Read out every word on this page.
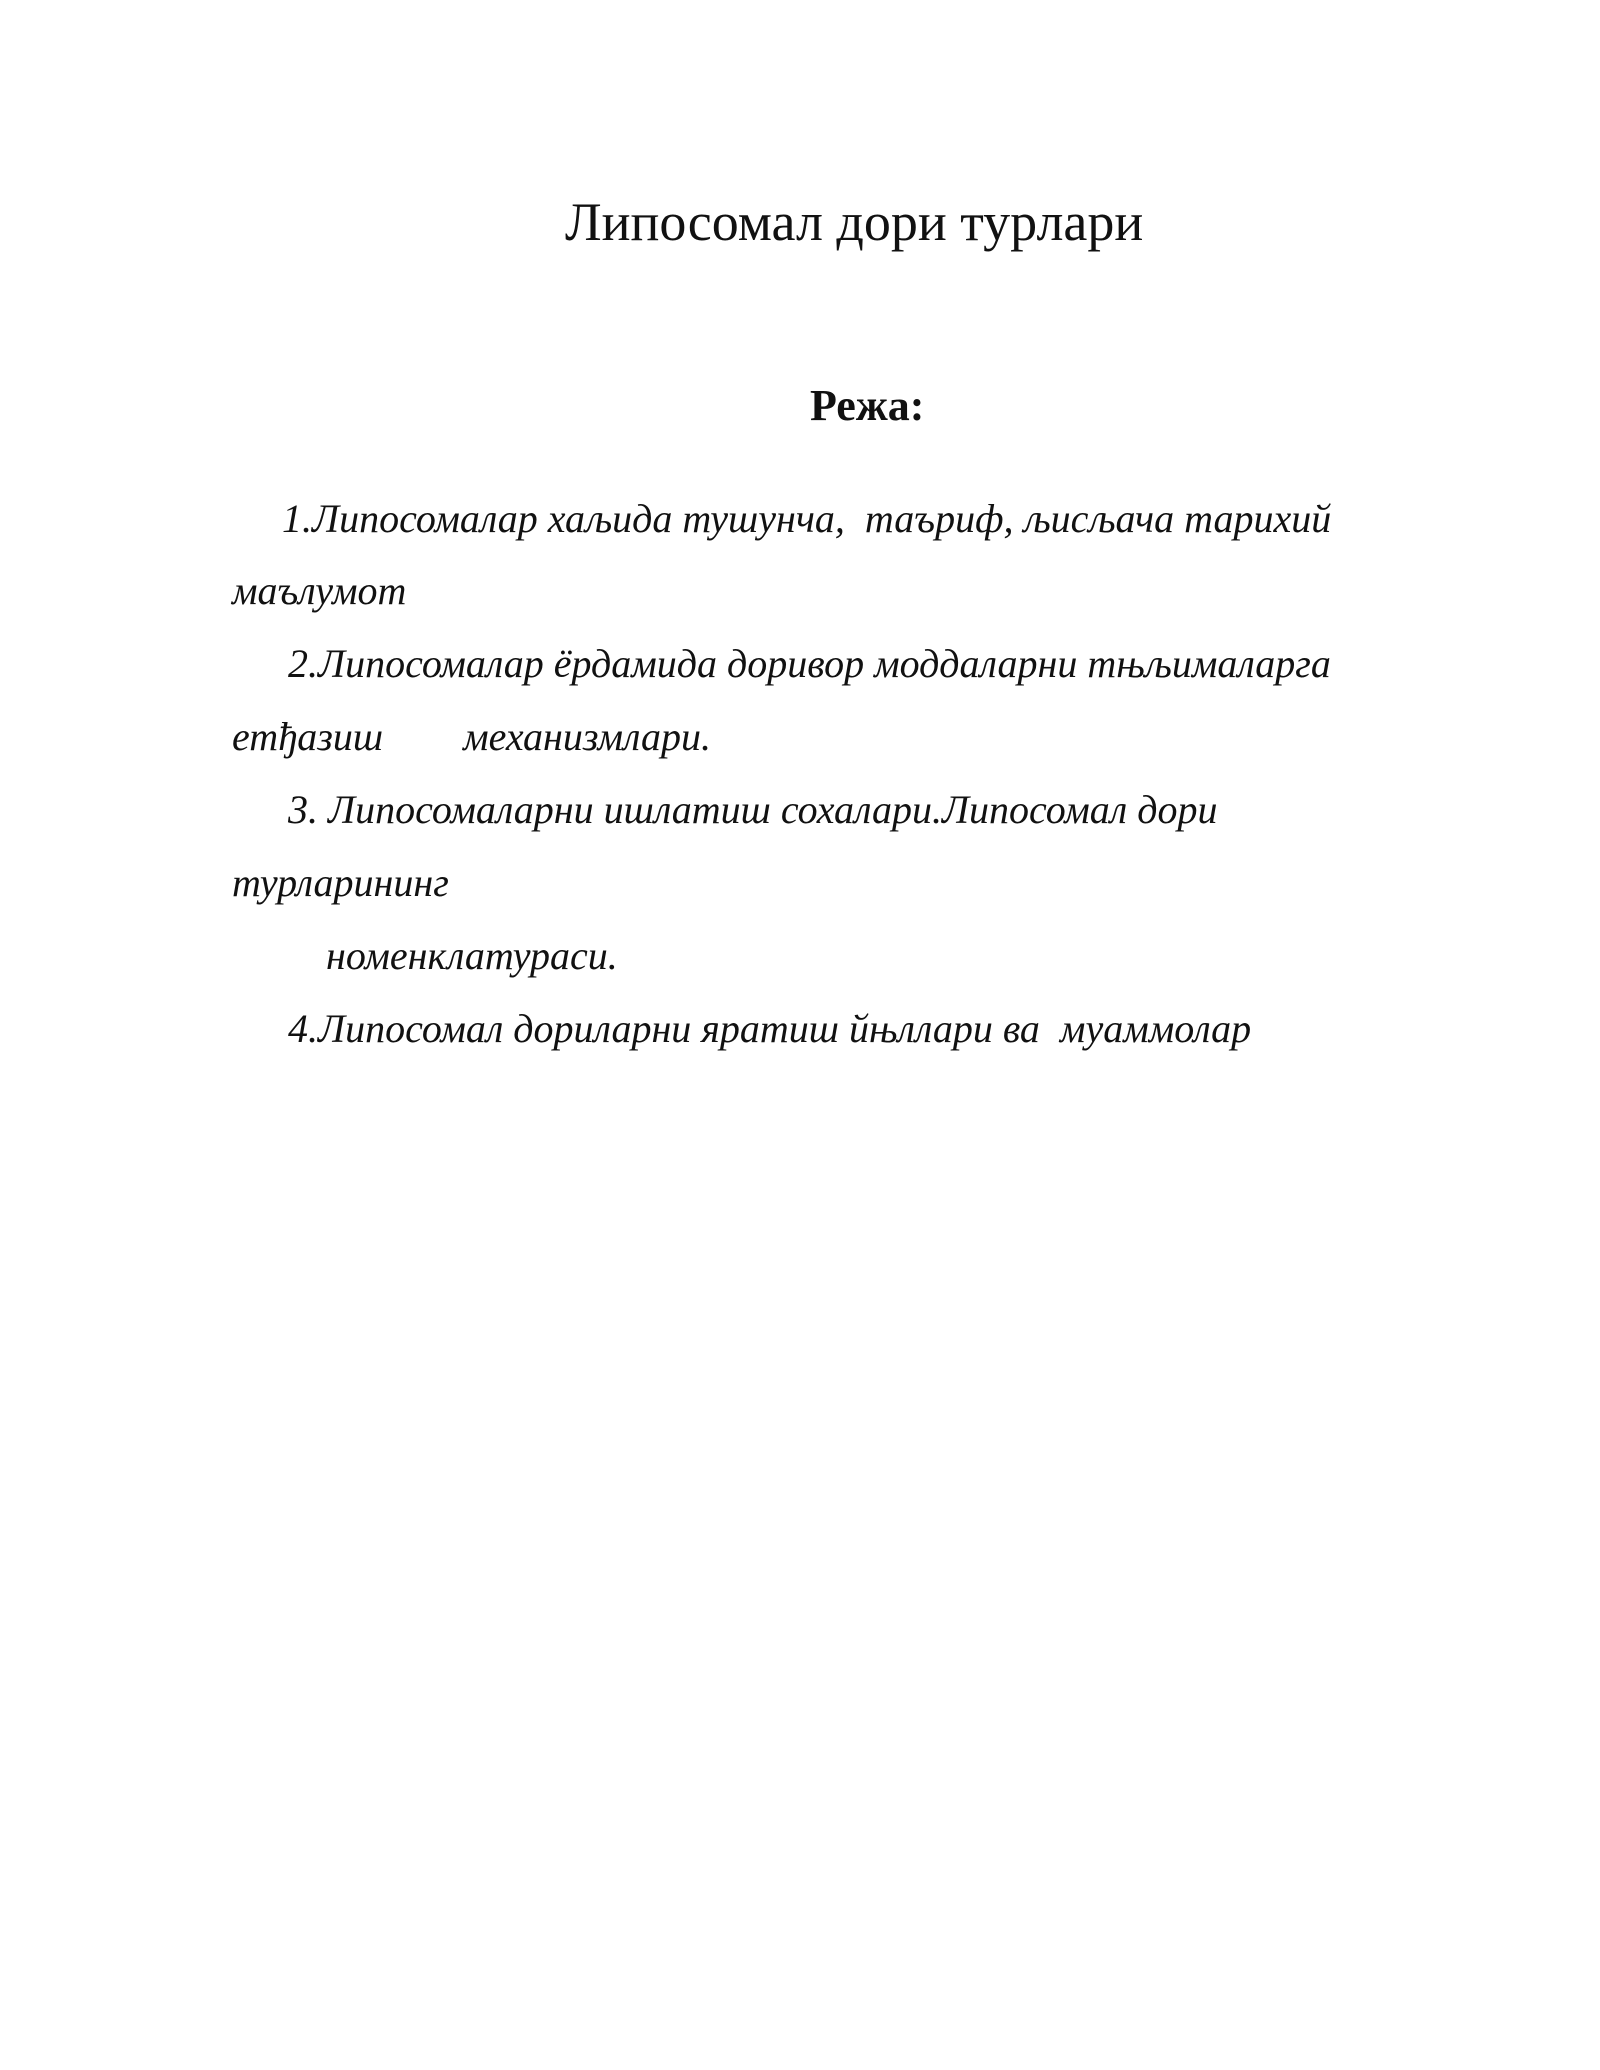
Липосомал дори турлари
Режа:

1.Липосомалар хаљида тушунча,  таъриф, љисљача тарихий

маълумот

2.Липосомалар ёрдамида доривор моддаларни тњљималарга

етђазиш        механизмлари.

3. Липосомаларни ишлатиш сохалари.Липосомал дори

турларининг

номенклатураси.

4.Липосомал дориларни яратиш йњллари ва  муаммолар
